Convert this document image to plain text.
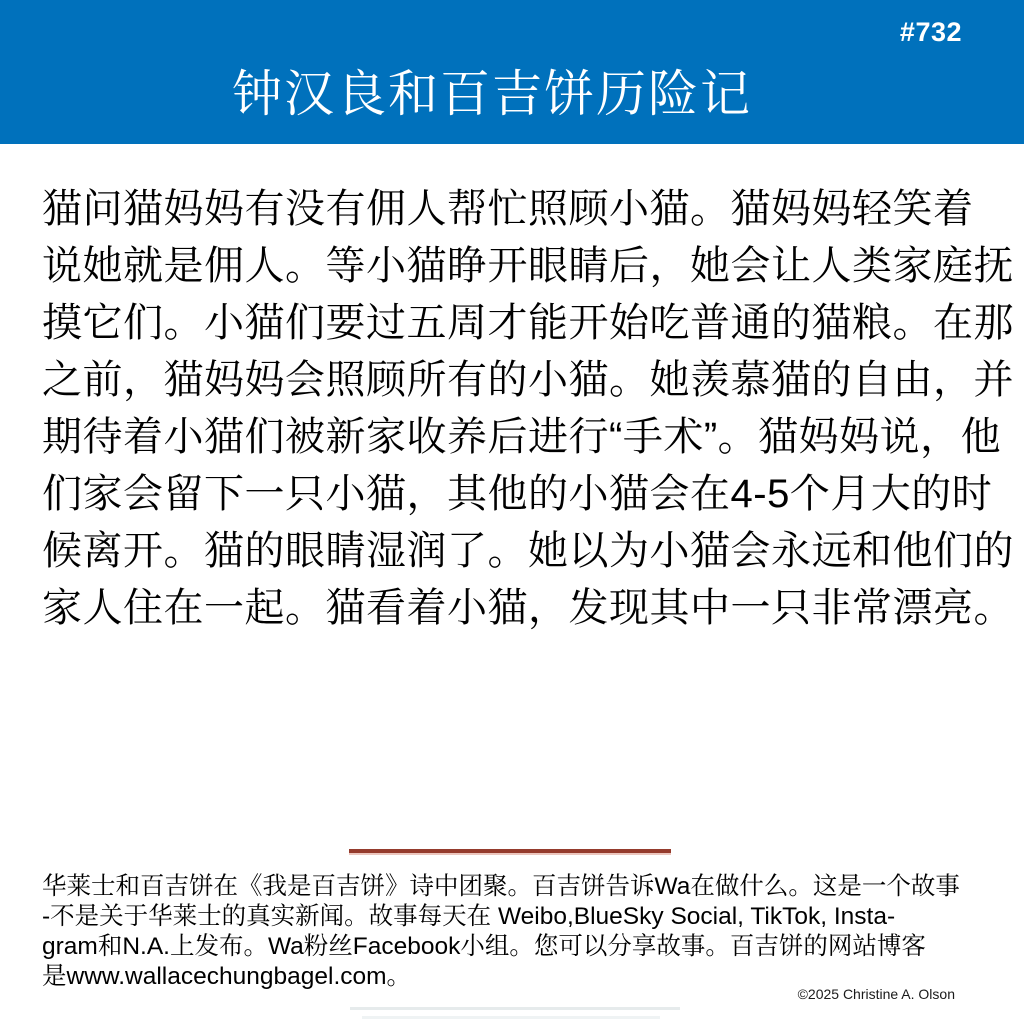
#732
钟汉良和百吉饼历险记

猫问猫妈妈有没有佣人帮忙照顾小猫。猫妈妈轻笑着

说她就是佣人。等小猫睁开眼睛后，她会让人类家庭抚

摸它们。小猫们要过五周才能开始吃普通的猫粮。在那

之前，猫妈妈会照顾所有的小猫。她羡慕猫的自由，并

期待着小猫们被新家收养后进行“手术”。猫妈妈说，他

们家会留下一只小猫，其他的小猫会在4-5个月大的时

候离开。猫的眼睛湿润了。她以为小猫会永远和他们的

家人住在一起。猫看着小猫，发现其中一只非常漂亮。

华莱士和百吉饼在《我是百吉饼》诗中团聚。百吉饼告诉Wa在做什么。这是一个故事

-不是关于华莱士的真实新闻。故事每天在 Weibo,BlueSky Social, TikTok, Insta-

gram和N.A.上发布。Wa粉丝Facebook小组。您可以分享故事。百吉饼的网站博客

是www.wallacechungbagel.com。

©2025 Christine A. Olson
